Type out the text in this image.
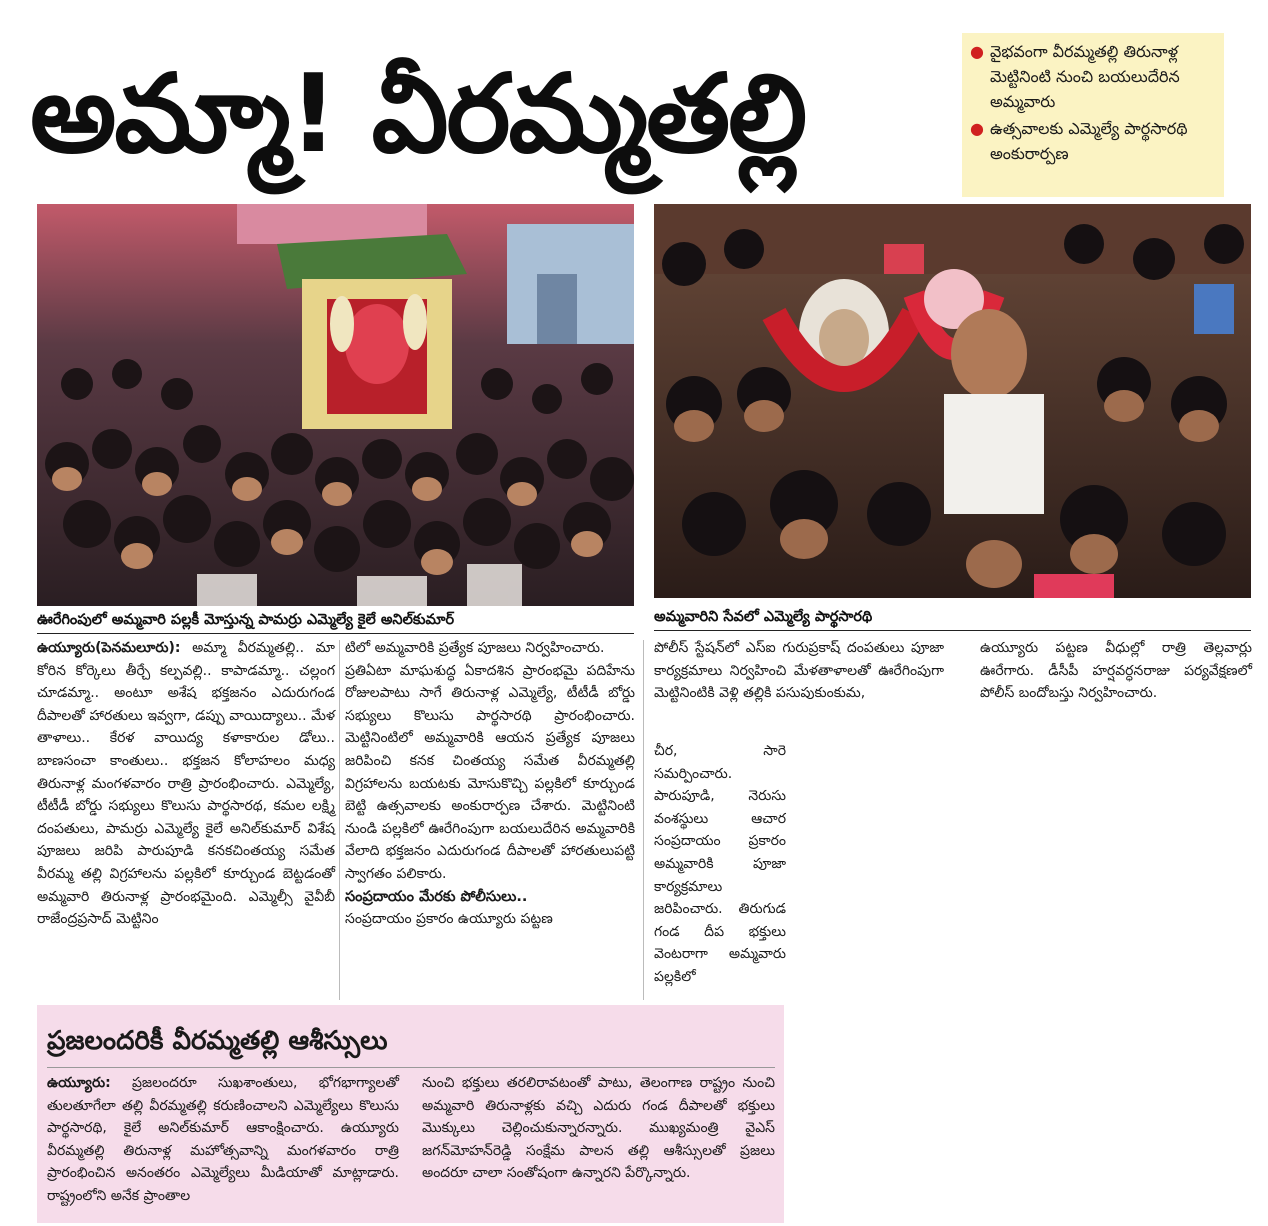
అమ్మా! వీరమ్మతల్లి
● వైభవంగా వీరమ్మతల్లి తిరునాళ్ల మెట్టినింటి నుంచి బయలుదేరిన అమ్మవారు
● ఉత్సవాలకు ఎమ్మెల్యే పార్థసారథి అంకురార్పణ
ఊరేగింపులో అమ్మవారి పల్లకీ మోస్తున్న పామర్రు ఎమ్మెల్యే కైలే అనిల్‌కుమార్	అమ్మవారిని సేవలో ఎమ్మెల్యే పార్థసారథి

ఉయ్యూరు(పెనమలూరు): అమ్మా వీరమ్మతల్లి.. మా కోరిన కోర్కెలు తీర్చే కల్పవల్లి.. కాపాడమ్మా.. చల్లంగ చూడమ్మా.. అంటూ అశేష భక్తజనం ఎదురుగండ దీపాలతో హారతులు ఇవ్వగా, డప్పు వాయిద్యాలు.. మేళ తాళాలు.. కేరళ వాయిద్య కళాకారుల డోలు.. బాణసంచా కాంతులు.. భక్తజన కోలాహలం మధ్య తిరునాళ్ల మంగళవారం రాత్రి ప్రారంభించారు. ఎమ్మెల్యే, టీటీడీ బోర్డు సభ్యులు కొలుసు పార్థసారథ, కమల లక్ష్మి దంపతులు, పామర్రు ఎమ్మెల్యే కైలే అనిల్‌కుమార్ విశేష పూజలు జరిపి పారుపూడి కనకచింతయ్య సమేత వీరమ్మ తల్లి విగ్రహాలను పల్లకిలో కూర్చుండ బెట్టడంతో అమ్మవారి తిరునాళ్ల ప్రారంభమైంది. ఎమ్మెల్సీ వైవీబీ రాజేంద్రప్రసాద్ మెట్టినిం

టిలో అమ్మవారికి ప్రత్యేక పూజలు నిర్వహించారు.

ప్రతిఏటా మాఘశుద్ధ ఏకాదశిన ప్రారంభమై పదిహేను రోజులపాటు సాగే తిరునాళ్ల ఎమ్మెల్యే, టీటీడీ బోర్డు సభ్యులు కొలుసు పార్థసారథి ప్రారంభించారు. మెట్టినింటిలో అమ్మవారికి ఆయన ప్రత్యేక పూజలు జరిపించి కనక చింతయ్య సమేత వీరమ్మతల్లి విగ్రహాలను బయటకు మోసుకొచ్చి పల్లకిలో కూర్చుండ బెట్టి ఉత్సవాలకు అంకురార్పణ చేశారు. మెట్టినింటి నుండి పల్లకిలో ఊరేగింపుగా బయలుదేరిన అమ్మవారికి వేలాది భక్తజనం ఎదురుగండ దీపాలతో హారతులుపట్టి స్వాగతం పలికారు.

సంప్రదాయం మేరకు పోలీసులు..

సంప్రదాయం ప్రకారం ఉయ్యూరు పట్టణ

పోలీస్ స్టేషన్‌లో ఎస్‌ఐ గురుప్రకాష్ దంపతులు పూజా కార్యక్రమాలు నిర్వహించి మేళతాళాలతో ఊరేగింపుగా మెట్టినింటికి వెళ్లి తల్లికి పసుపుకుంకుమ,

చీర, సారె సమర్పించారు. పారుపూడి, నెరుసు వంశస్థులు ఆచార సంప్రదాయం ప్రకారం అమ్మవారికి పూజా కార్యక్రమాలు జరిపించారు. తిరుగుడ గండ దీప భక్తులు వెంటరాగా అమ్మవారు పల్లకిలో

ఉయ్యూరు పట్టణ వీధుల్లో రాత్రి తెల్లవార్లు ఊరేగారు. డీసీపీ హర్షవర్ధనరాజు పర్యవేక్షణలో పోలీస్ బందోబస్తు నిర్వహించారు.

ప్రజలందరికీ వీరమ్మతల్లి ఆశీస్సులు
ఉయ్యూరు: ప్రజలందరూ సుఖశాంతులు, భోగభాగ్యాలతో తులతూగేలా తల్లి వీరమ్మతల్లి కరుణించాలని ఎమ్మెల్యేలు కొలుసు పార్థసారథి, కైలే అనిల్‌కుమార్ ఆకాంక్షించారు. ఉయ్యూరు వీరమ్మతల్లి తిరునాళ్ల మహోత్సవాన్ని మంగళవారం రాత్రి ప్రారంభించిన అనంతరం ఎమ్మెల్యేలు మీడియాతో మాట్లాడారు. రాష్ట్రంలోని అనేక ప్రాంతాల
నుంచి భక్తులు తరలిరావటంతో పాటు, తెలంగాణ రాష్ట్రం నుంచి అమ్మవారి తిరునాళ్లకు వచ్చి ఎదురు గండ దీపాలతో భక్తులు మొక్కులు చెల్లించుకున్నారన్నారు. ముఖ్యమంత్రి వైఎస్ జగన్‌మోహన్‌రెడ్డి సంక్షేమ పాలన తల్లి ఆశీస్సులతో ప్రజలు అందరూ చాలా సంతోషంగా ఉన్నారని పేర్కొన్నారు.
